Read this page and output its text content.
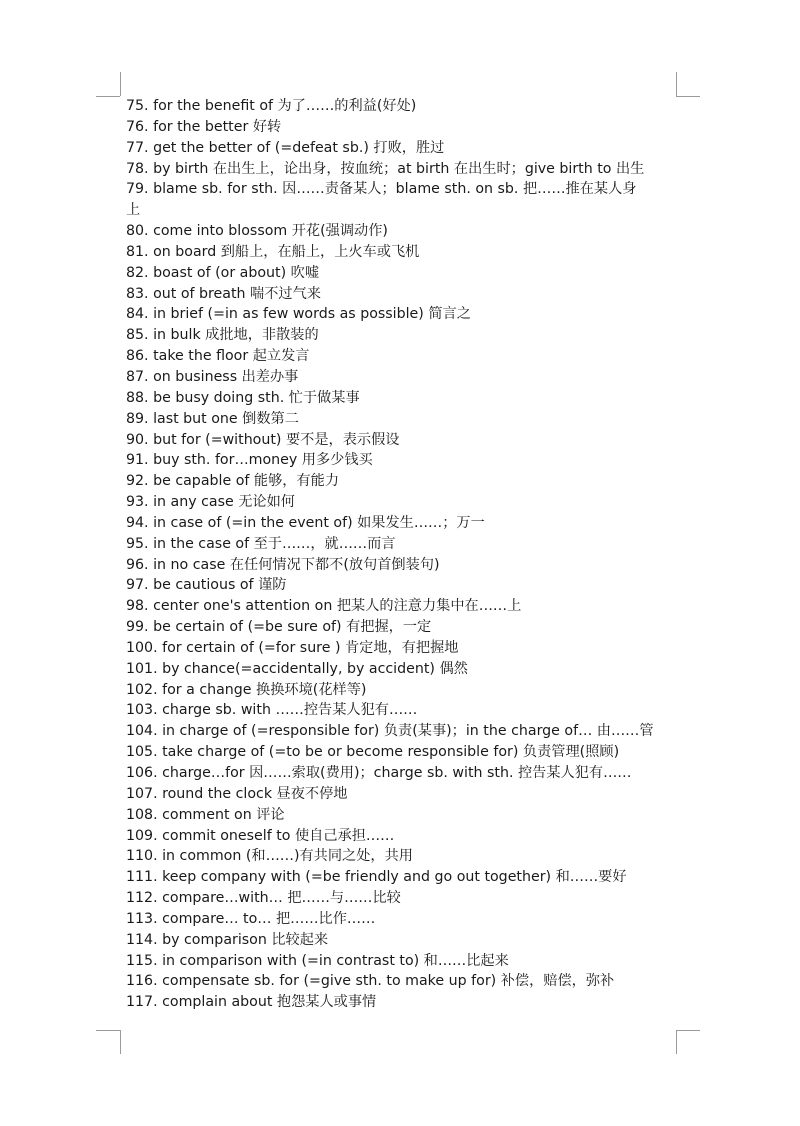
75. for the benefit of 为了……的利益(好处)
76. for the better 好转
77. get the better of (=defeat sb.) 打败，胜过
78. by birth 在出生上，论出身，按血统；at birth 在出生时；give birth to 出生
79. blame sb. for sth. 因……责备某人；blame sth. on sb. 把……推在某人身
上
80. come into blossom 开花(强调动作)
81. on board 到船上，在船上，上火车或飞机
82. boast of (or about) 吹嘘
83. out of breath 喘不过气来
84. in brief (=in as few words as possible) 简言之
85. in bulk 成批地，非散装的
86. take the floor 起立发言
87. on business 出差办事
88. be busy doing sth. 忙于做某事
89. last but one 倒数第二
90. but for (=without) 要不是，表示假设
91. buy sth. for…money 用多少钱买
92. be capable of 能够，有能力
93. in any case 无论如何
94. in case of (=in the event of) 如果发生……；万一
95. in the case of 至于……，就……而言
96. in no case 在任何情况下都不(放句首倒装句)
97. be cautious of 谨防
98. center one's attention on 把某人的注意力集中在……上
99. be certain of (=be sure of) 有把握，一定
100. for certain of (=for sure ) 肯定地，有把握地
101. by chance(=accidentally, by accident) 偶然
102. for a change 换换环境(花样等)
103. charge sb. with ……控告某人犯有……
104. in charge of (=responsible for) 负责(某事)；in the charge of… 由……管
105. take charge of (=to be or become responsible for) 负责管理(照顾)
106. charge…for 因……索取(费用)；charge sb. with sth. 控告某人犯有……
107. round the clock 昼夜不停地
108. comment on 评论
109. commit oneself to 使自己承担……
110. in common (和……)有共同之处，共用
111. keep company with (=be friendly and go out together) 和……要好
112. compare…with… 把……与……比较
113. compare… to… 把……比作……
114. by comparison 比较起来
115. in comparison with (=in contrast to) 和……比起来
116. compensate sb. for (=give sth. to make up for) 补偿，赔偿，弥补
117. complain about 抱怨某人或事情
